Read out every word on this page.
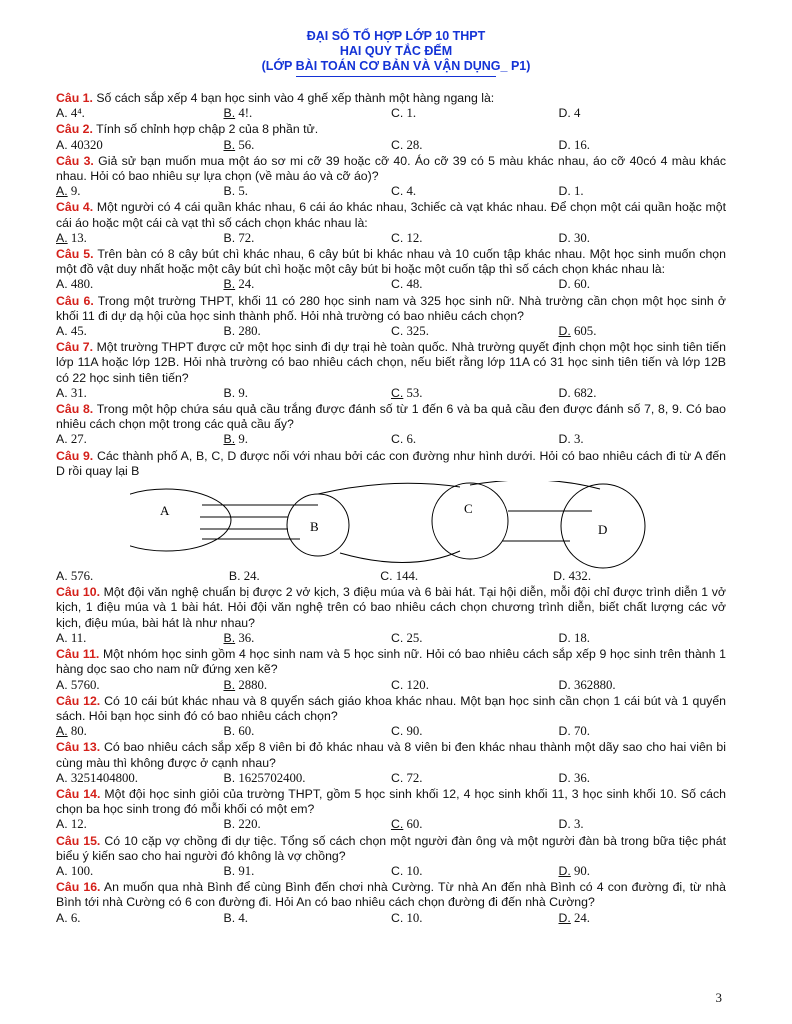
ĐẠI SỐ TỔ HỢP LỚP 10 THPT
HAI QUY TẮC ĐẾM
(LỚP BÀI TOÁN CƠ BẢN VÀ VẬN DỤNG_ P1)
Câu 1. Số cách sắp xếp 4 bạn học sinh vào 4 ghế xếp thành một hàng ngang là:
A. 4⁴.	B. 4!.	C. 1.	D. 4
Câu 2. Tính số chỉnh hợp chập 2 của 8 phần tử.
A. 40320	B. 56.	C. 28.	D. 16.
Câu 3. Giả sử bạn muốn mua một áo sơ mi cỡ 39 hoặc cỡ 40. Áo cỡ 39 có 5 màu khác nhau, áo cỡ 40có 4 màu khác nhau. Hỏi có bao nhiêu sự lựa chọn (về màu áo và cỡ áo)?
A. 9.	B. 5.	C. 4.	D. 1.
Câu 4. Một người có 4 cái quần khác nhau, 6 cái áo khác nhau, 3chiếc cà vạt khác nhau. Để chọn một cái quần hoặc một cái áo hoặc một cái cà vạt thì số cách chọn khác nhau là:
A. 13.	B. 72.	C. 12.	D. 30.
Câu 5. Trên bàn có 8 cây bút chì khác nhau, 6 cây bút bi khác nhau và 10 cuốn tập khác nhau. Một học sinh muốn chọn một đồ vật duy nhất hoặc một cây bút chì hoặc một cây bút bi hoặc một cuốn tập thì số cách chọn khác nhau là:
A. 480.	B. 24.	C. 48.	D. 60.
Câu 6. Trong một trường THPT, khối 11 có 280 học sinh nam và 325 học sinh nữ. Nhà trường cần chọn một học sinh ở khối 11 đi dự dạ hội của học sinh thành phố. Hỏi nhà trường có bao nhiêu cách chọn?
A. 45.	B. 280.	C. 325.	D. 605.
Câu 7. Một trường THPT được cử một học sinh đi dự trại hè toàn quốc. Nhà trường quyết định chọn một học sinh tiên tiến lớp 11A hoặc lớp 12B. Hỏi nhà trường có bao nhiêu cách chọn, nếu biết rằng lớp 11A có 31 học sinh tiên tiến và lớp 12B có 22 học sinh tiên tiến?
A. 31.	B. 9.	C. 53.	D. 682.
Câu 8. Trong một hộp chứa sáu quả cầu trắng được đánh số từ 1 đến 6 và ba quả cầu đen được đánh số 7, 8, 9. Có bao nhiêu cách chọn một trong các quả cầu ấy?
A. 27.	B. 9.	C. 6.	D. 3.
Câu 9. Các thành phố A, B, C, D được nối với nhau bởi các con đường như hình dưới. Hỏi có bao nhiêu cách đi từ A đến D rồi quay lại B
A
B
C
D
A. 576.	B. 24.	C. 144.	D. 432.
Câu 10. Một đội văn nghệ chuẩn bị được 2 vở kịch, 3 điệu múa và 6 bài hát. Tại hội diễn, mỗi đội chỉ được trình diễn 1 vở kịch, 1 điệu múa và 1 bài hát. Hỏi đội văn nghệ trên có bao nhiêu cách chọn chương trình diễn, biết chất lượng các vở kịch, điệu múa, bài hát là như nhau?
A. 11.	B. 36.	C. 25.	D. 18.
Câu 11. Một nhóm học sinh gồm 4 học sinh nam và 5 học sinh nữ. Hỏi có bao nhiêu cách sắp xếp 9 học sinh trên thành 1 hàng dọc sao cho nam nữ đứng xen kẽ?
A. 5760.	B. 2880.	C. 120.	D. 362880.
Câu 12. Có 10 cái bút khác nhau và 8 quyển sách giáo khoa khác nhau. Một bạn học sinh cần chọn 1 cái bút và 1 quyển sách. Hỏi bạn học sinh đó có bao nhiêu cách chọn?
A. 80.	B. 60.	C. 90.	D. 70.
Câu 13. Có bao nhiêu cách sắp xếp 8 viên bi đỏ khác nhau và 8 viên bi đen khác nhau thành một dãy sao cho hai viên bi cùng màu thì không được ở cạnh nhau?
A. 3251404800.	B. 1625702400.	C. 72.	D. 36.
Câu 14. Một đội học sinh giỏi của trường THPT, gồm 5 học sinh khối 12, 4 học sinh khối 11, 3 học sinh khối 10. Số cách chọn ba học sinh trong đó mỗi khối có một em?
A. 12.	B. 220.	C. 60.	D. 3.
Câu 15. Có 10 cặp vợ chồng đi dự tiệc. Tổng số cách chọn một người đàn ông và một người đàn bà trong bữa tiệc phát biểu ý kiến sao cho hai người đó không là vợ chồng?
A. 100.	B. 91.	C. 10.	D. 90.
Câu 16. An muốn qua nhà Bình để cùng Bình đến chơi nhà Cường. Từ nhà An đến nhà Bình có 4 con đường đi, từ nhà Bình tới nhà Cường có 6 con đường đi. Hỏi An có bao nhiêu cách chọn đường đi đến nhà Cường?
A. 6.	B. 4.	C. 10.	D. 24.
3
